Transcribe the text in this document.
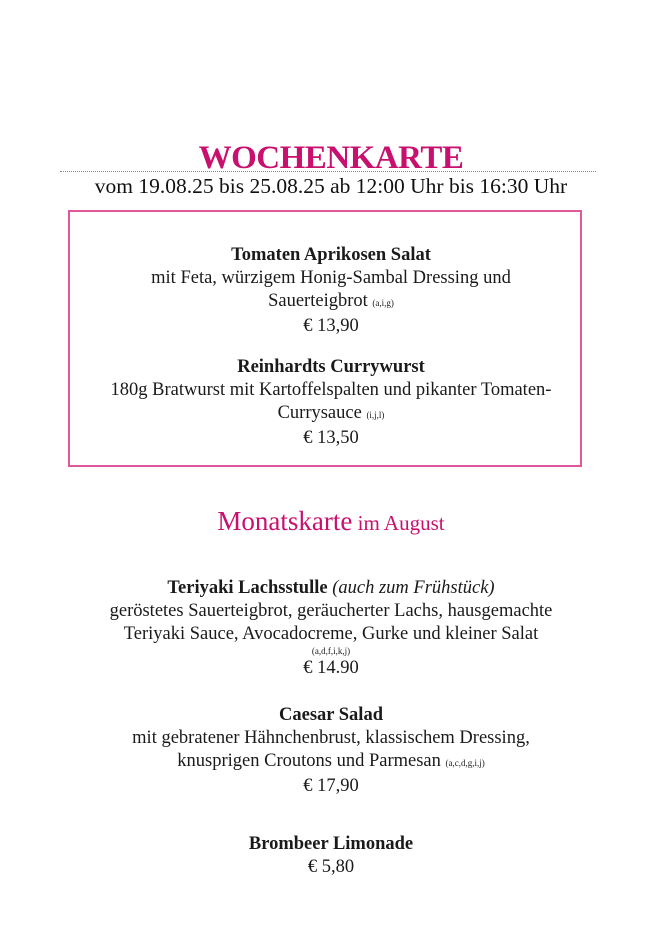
WOCHENKARTE
vom 19.08.25 bis 25.08.25 ab 12:00 Uhr bis 16:30 Uhr
Tomaten Aprikosen Salat
mit Feta, würzigem Honig-Sambal Dressing und
Sauerteigbrot (a,i,g)
€ 13,90
Reinhardts Currywurst
180g Bratwurst mit Kartoffelspalten und pikanter Tomaten-
Currysauce (i,j,l)
€ 13,50
Monatskarte im August
Teriyaki Lachsstulle (auch zum Frühstück)
geröstetes Sauerteigbrot, geräucherter Lachs, hausgemachte
Teriyaki Sauce, Avocadocreme, Gurke und kleiner Salat
(a,d,f,i,k,j)
€ 14.90
Caesar Salad
mit gebratener Hähnchenbrust, klassischem Dressing,
knusprigen Croutons und Parmesan (a,c,d,g,i,j)
€ 17,90
Brombeer Limonade
€ 5,80
